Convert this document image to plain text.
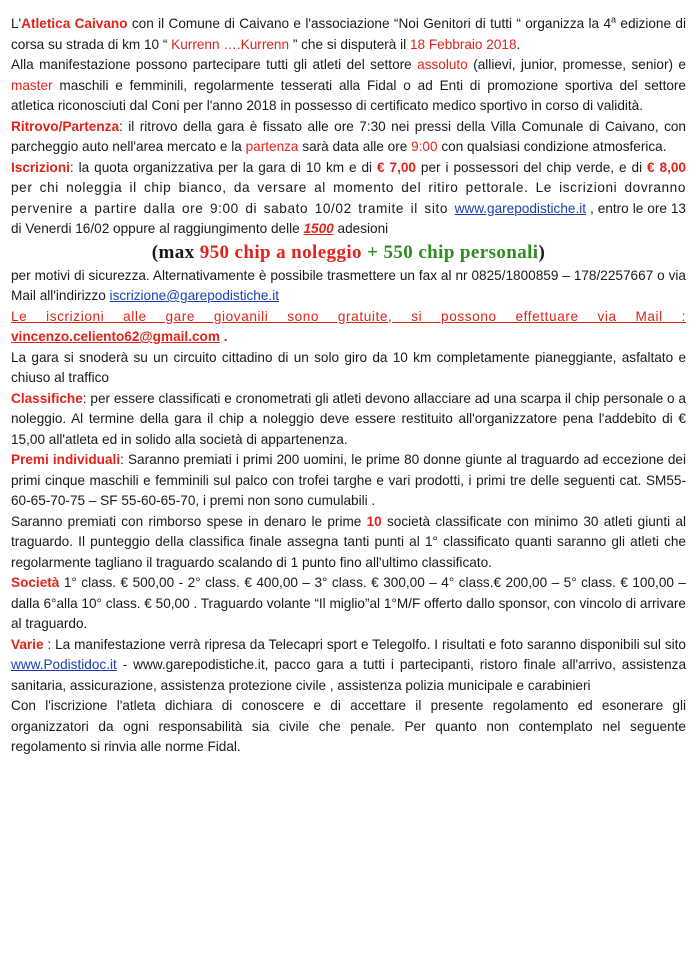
L'Atletica Caivano con il Comune di Caivano e l'associazione “Noi Genitori di tutti “ organizza la 4$^a$ edizione di corsa su strada di km 10 “ Kurrenn ….Kurrenn ” che si disputerà il 18 Febbraio 2018.

Alla manifestazione possono partecipare tutti gli atleti del settore assoluto (allievi, junior, promesse, senior) e master maschili e femminili, regolarmente tesserati alla Fidal o ad Enti di promozione sportiva del settore atletica riconosciuti dal Coni per l'anno 2018 in possesso di certificato medico sportivo in corso di validità.

Ritrovo/Partenza: il ritrovo della gara è fissato alle ore 7:30 nei pressi della Villa Comunale di Caivano, con parcheggio auto nell'area mercato e la partenza sarà data alle ore 9:00 con qualsiasi condizione atmosferica.

Iscrizioni: la quota organizzativa per la gara di 10 km e di € 7,00 per i possessori del chip verde, e di € 8,00 per chi noleggia il chip bianco, da versare al momento del ritiro pettorale. Le iscrizioni dovranno pervenire a partire dalla ore 9:00 di sabato 10/02 tramite il sito www.garepodistiche.it , entro le ore 13 di Venerdi 16/02 oppure al raggiungimento delle 1500 adesioni

(max 950 chip a noleggio + 550 chip personali)

per motivi di sicurezza. Alternativamente è possibile trasmettere un fax al nr 0825/1800859 – 178/2257667 o via Mail all'indirizzo iscrizione@garepodistiche.it

Le iscrizioni alle gare giovanili sono gratuite, si possono effettuare via Mail : vincenzo.celiento62@gmail.com .

La gara si snoderà su un circuito cittadino di un solo giro da 10 km completamente pianeggiante, asfaltato e chiuso al traffico

Classifiche: per essere classificati e cronometrati gli atleti devono allacciare ad una scarpa il chip personale o a noleggio. Al termine della gara il chip a noleggio deve essere restituito all'organizzatore pena l'addebito di € 15,00 all'atleta ed in solido alla società di appartenenza.

Premi individuali: Saranno premiati i primi 200 uomini, le prime 80 donne giunte al traguardo ad eccezione dei primi cinque maschili e femminili sul palco con trofei targhe e vari prodotti, i primi tre delle seguenti cat. SM55-60-65-70-75 – SF 55-60-65-70, i premi non sono cumulabili .

Saranno premiati con rimborso spese in denaro le prime 10 società classificate con minimo 30 atleti giunti al traguardo. Il punteggio della classifica finale assegna tanti punti al 1° classificato quanti saranno gli atleti che regolarmente tagliano il traguardo scalando di 1 punto fino all'ultimo classificato.

Società 1° class. € 500,00 - 2° class. € 400,00 – 3° class. € 300,00 – 4° class.€ 200,00 – 5° class. € 100,00 – dalla 6°alla 10° class. € 50,00 . Traguardo volante “Il miglio”al 1°M/F offerto dallo sponsor, con vincolo di arrivare al traguardo.

Varie : La manifestazione verrà ripresa da Telecapri sport e Telegolfo. I risultati e foto saranno disponibili sul sito www.Podistidoc.it - www.garepodistiche.it, pacco gara a tutti i partecipanti, ristoro finale all'arrivo, assistenza sanitaria, assicurazione, assistenza protezione civile , assistenza polizia municipale e carabinieri

Con l'iscrizione l'atleta dichiara di conoscere e di accettare il presente regolamento ed esonerare gli organizzatori da ogni responsabilità sia civile che penale. Per quanto non contemplato nel seguente regolamento si rinvia alle norme Fidal.
